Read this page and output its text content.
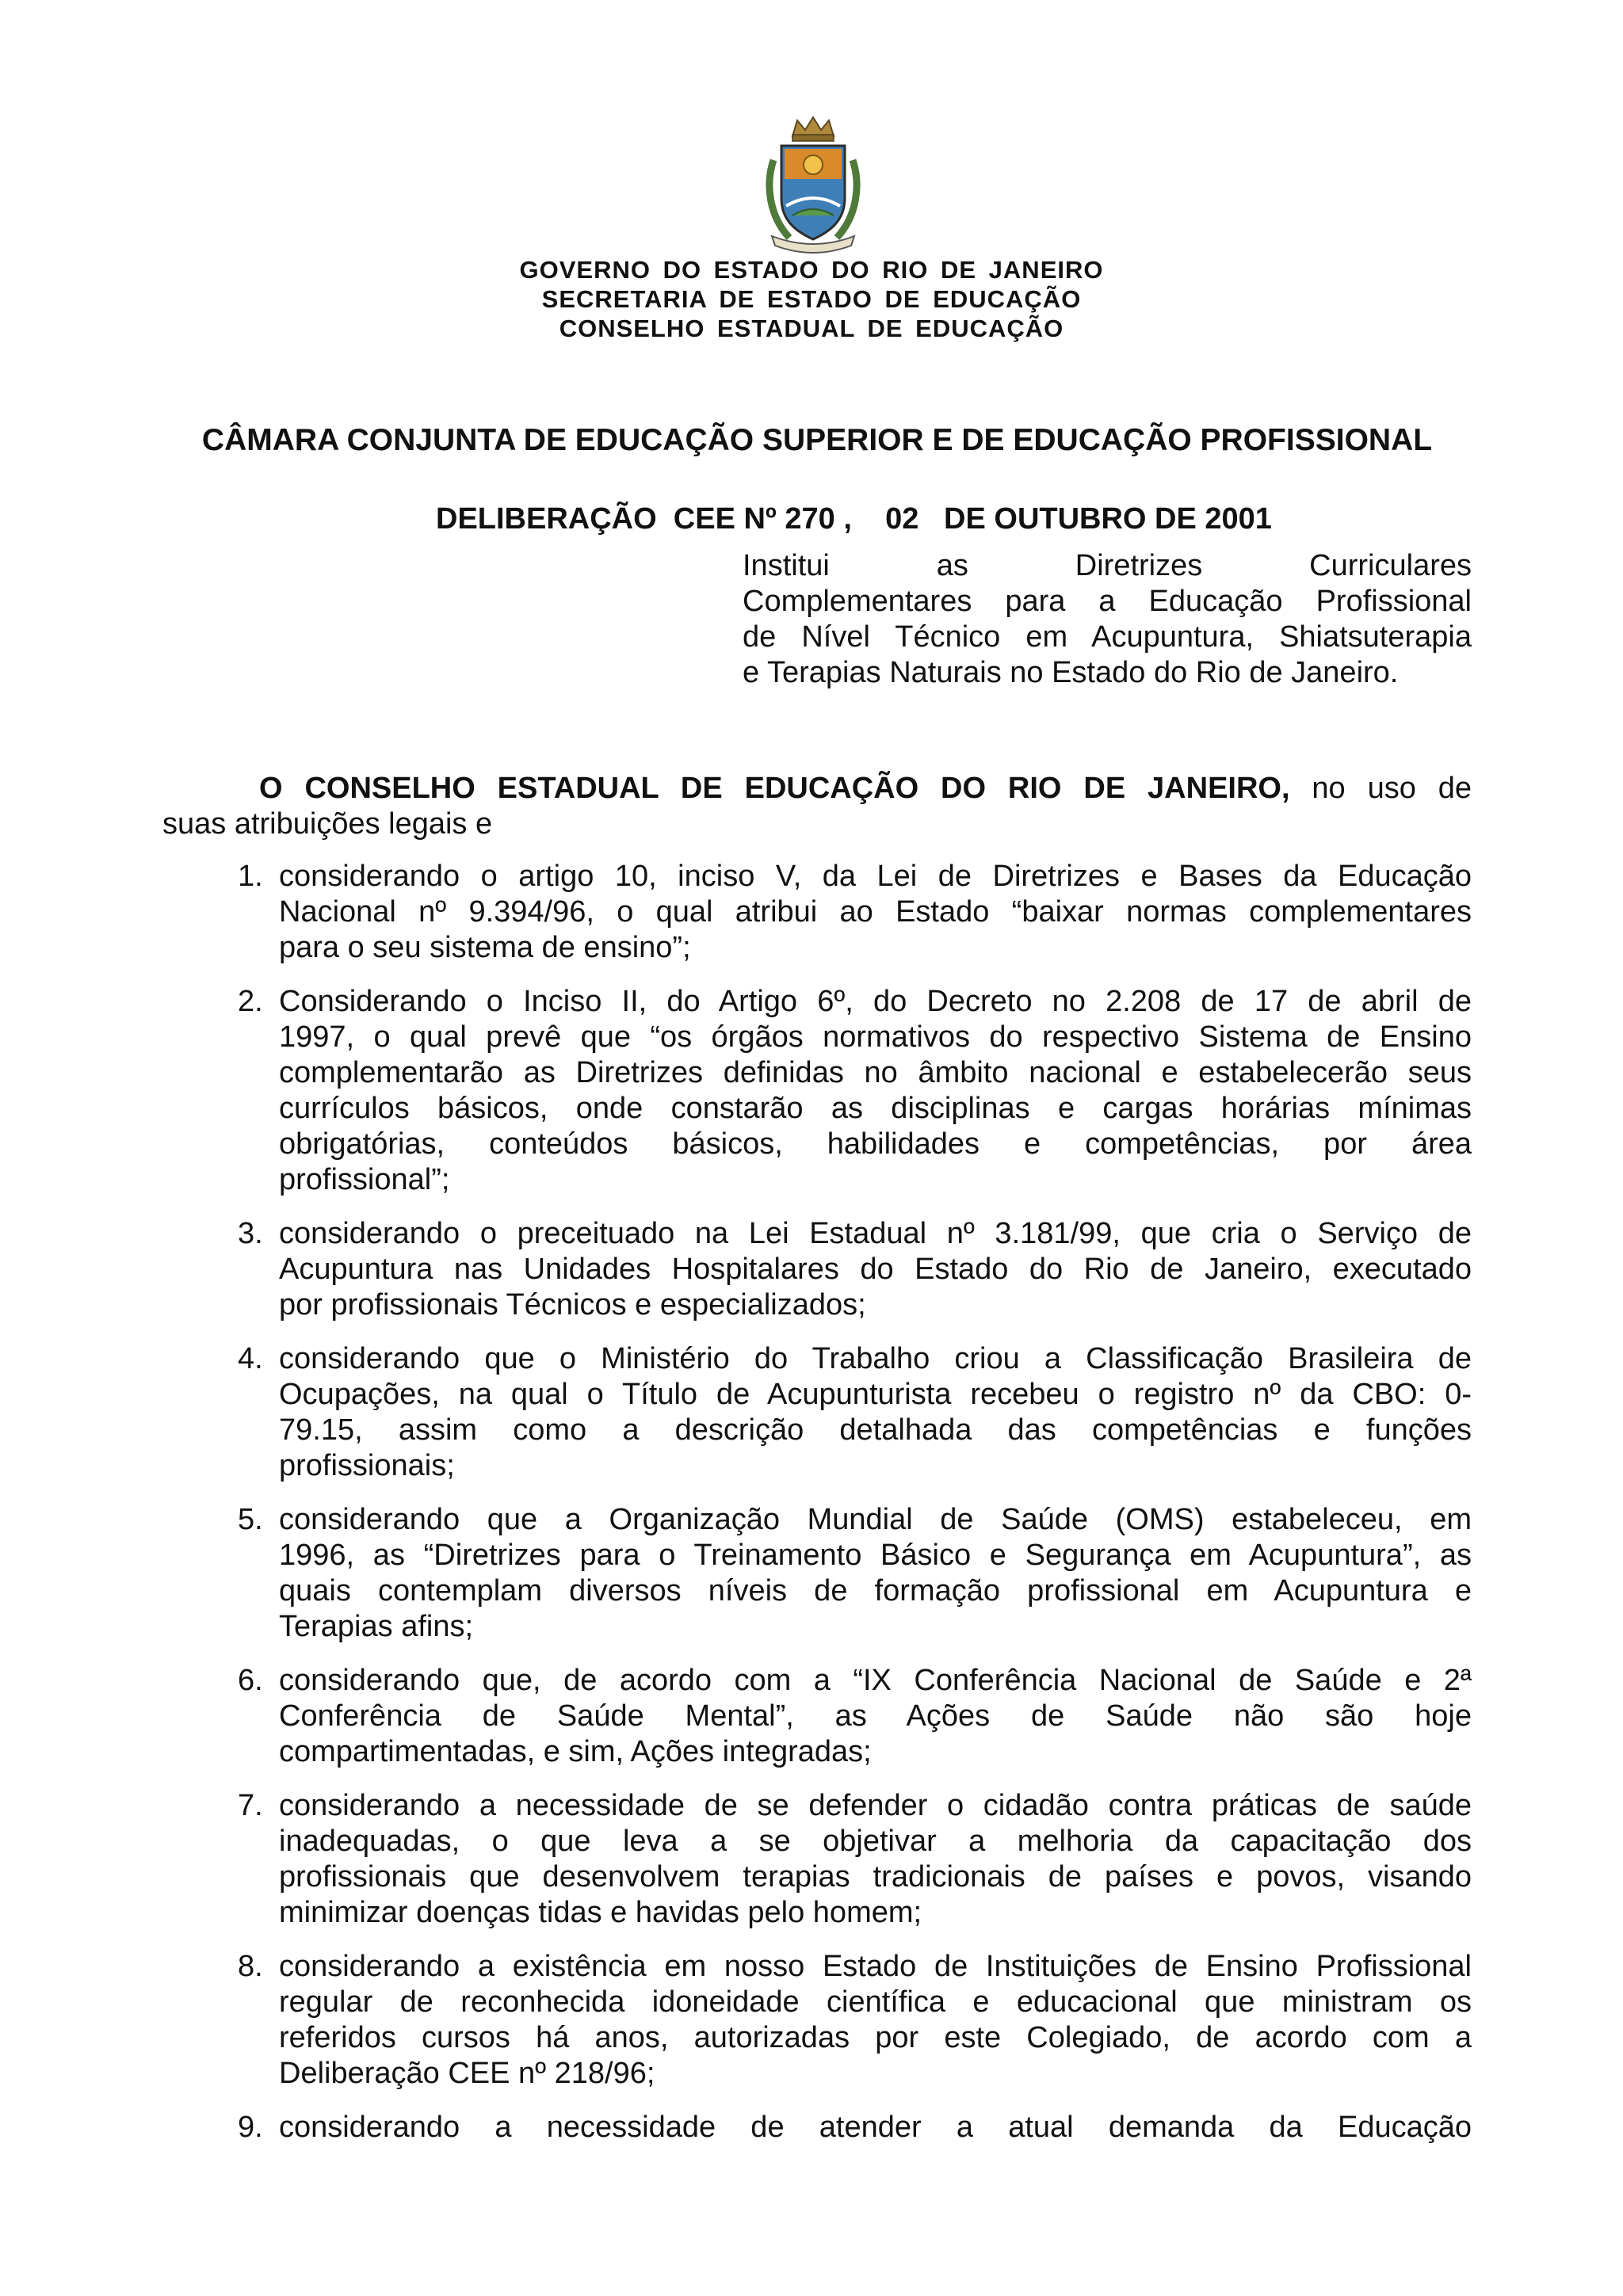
GOVERNO DO ESTADO DO RIO DE JANEIRO
SECRETARIA DE ESTADO DE EDUCAÇÃO
CONSELHO ESTADUAL DE EDUCAÇÃO
CÂMARA CONJUNTA DE EDUCAÇÃO SUPERIOR E DE EDUCAÇÃO PROFISSIONAL
DELIBERAÇÃO  CEE Nº 270 ,    02   DE OUTUBRO DE 2001
Institui as Diretrizes Curriculares
Complementares para a Educação Profissional
de Nível Técnico em Acupuntura, Shiatsuterapia
e Terapias Naturais no Estado do Rio de Janeiro.
O CONSELHO ESTADUAL DE EDUCAÇÃO DO RIO DE JANEIRO, no uso de
suas atribuições legais e
1. considerando o artigo 10, inciso V, da Lei de Diretrizes e Bases da Educação
Nacional nº 9.394/96, o qual atribui ao Estado “baixar normas complementares
para o seu sistema de ensino”;
2. Considerando o Inciso II, do Artigo 6º, do Decreto no 2.208 de 17 de abril de
1997, o qual prevê que “os órgãos normativos do respectivo Sistema de Ensino
complementarão as Diretrizes definidas no âmbito nacional e estabelecerão seus
currículos básicos, onde constarão as disciplinas e cargas horárias mínimas
obrigatórias, conteúdos básicos, habilidades e competências, por área
profissional”;
3. considerando o preceituado na Lei Estadual nº 3.181/99, que cria o Serviço de
Acupuntura nas Unidades Hospitalares do Estado do Rio de Janeiro, executado
por profissionais Técnicos e especializados;
4. considerando que o Ministério do Trabalho criou a Classificação Brasileira de
Ocupações, na qual o Título de Acupunturista recebeu o registro nº da CBO: 0-
79.15, assim como a descrição detalhada das competências e funções
profissionais;
5. considerando que a Organização Mundial de Saúde (OMS) estabeleceu, em
1996, as “Diretrizes para o Treinamento Básico e Segurança em Acupuntura”, as
quais contemplam diversos níveis de formação profissional em Acupuntura e
Terapias afins;
6. considerando que, de acordo com a “IX Conferência Nacional de Saúde e 2ª
Conferência de Saúde Mental”, as Ações de Saúde não são hoje
compartimentadas, e sim, Ações integradas;
7. considerando a necessidade de se defender o cidadão contra práticas de saúde
inadequadas, o que leva a se objetivar a melhoria da capacitação dos
profissionais que desenvolvem terapias tradicionais de países e povos, visando
minimizar doenças tidas e havidas pelo homem;
8. considerando a existência em nosso Estado de Instituições de Ensino Profissional
regular de reconhecida idoneidade científica e educacional que ministram os
referidos cursos há anos, autorizadas por este Colegiado, de acordo com a
Deliberação CEE nº 218/96;
9. considerando a necessidade de atender a atual demanda da Educação
